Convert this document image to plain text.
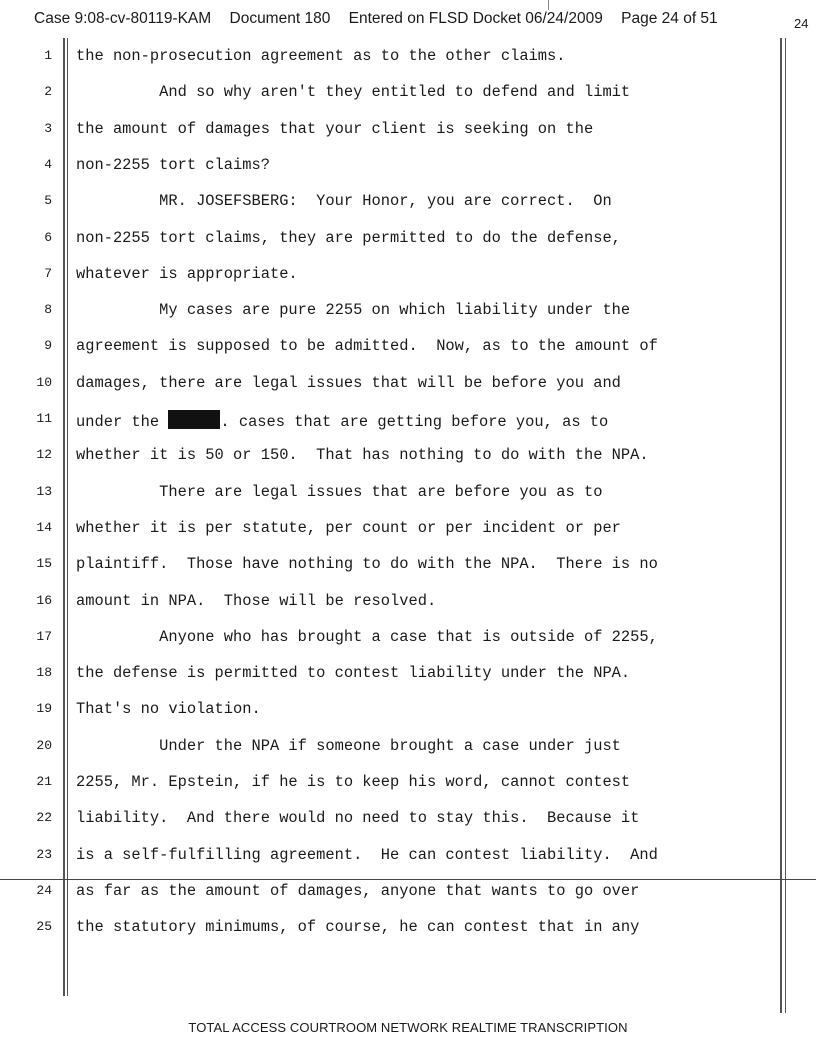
Case 9:08-cv-80119-KAM Document 180 Entered on FLSD Docket 06/24/2009 Page 24 of 51	24
1 the non-prosecution agreement as to the other claims.
2 And so why aren't they entitled to defend and limit
3 the amount of damages that your client is seeking on the
4 non-2255 tort claims?
5 MR. JOSEFSBERG:  Your Honor, you are correct.  On
6 non-2255 tort claims, they are permitted to do the defense,
7 whatever is appropriate.
8 My cases are pure 2255 on which liability under the
9 agreement is supposed to be admitted.  Now, as to the amount of
10 damages, there are legal issues that will be before you and
11 under the	. cases that are getting before you, as to
12 whether it is 50 or 150.  That has nothing to do with the NPA.
13 There are legal issues that are before you as to
14 whether it is per statute, per count or per incident or per
15 plaintiff.  Those have nothing to do with the NPA.  There is no
16 amount in NPA.  Those will be resolved.
17 Anyone who has brought a case that is outside of 2255,
18 the defense is permitted to contest liability under the NPA.
19 That's no violation.
20 Under the NPA if someone brought a case under just
21 2255, Mr. Epstein, if he is to keep his word, cannot contest
22 liability.  And there would no need to stay this.  Because it
23 is a self-fulfilling agreement.  He can contest liability.  And
24 as far as the amount of damages, anyone that wants to go over
25 the statutory minimums, of course, he can contest that in any
TOTAL ACCESS COURTROOM NETWORK REALTIME TRANSCRIPTION
